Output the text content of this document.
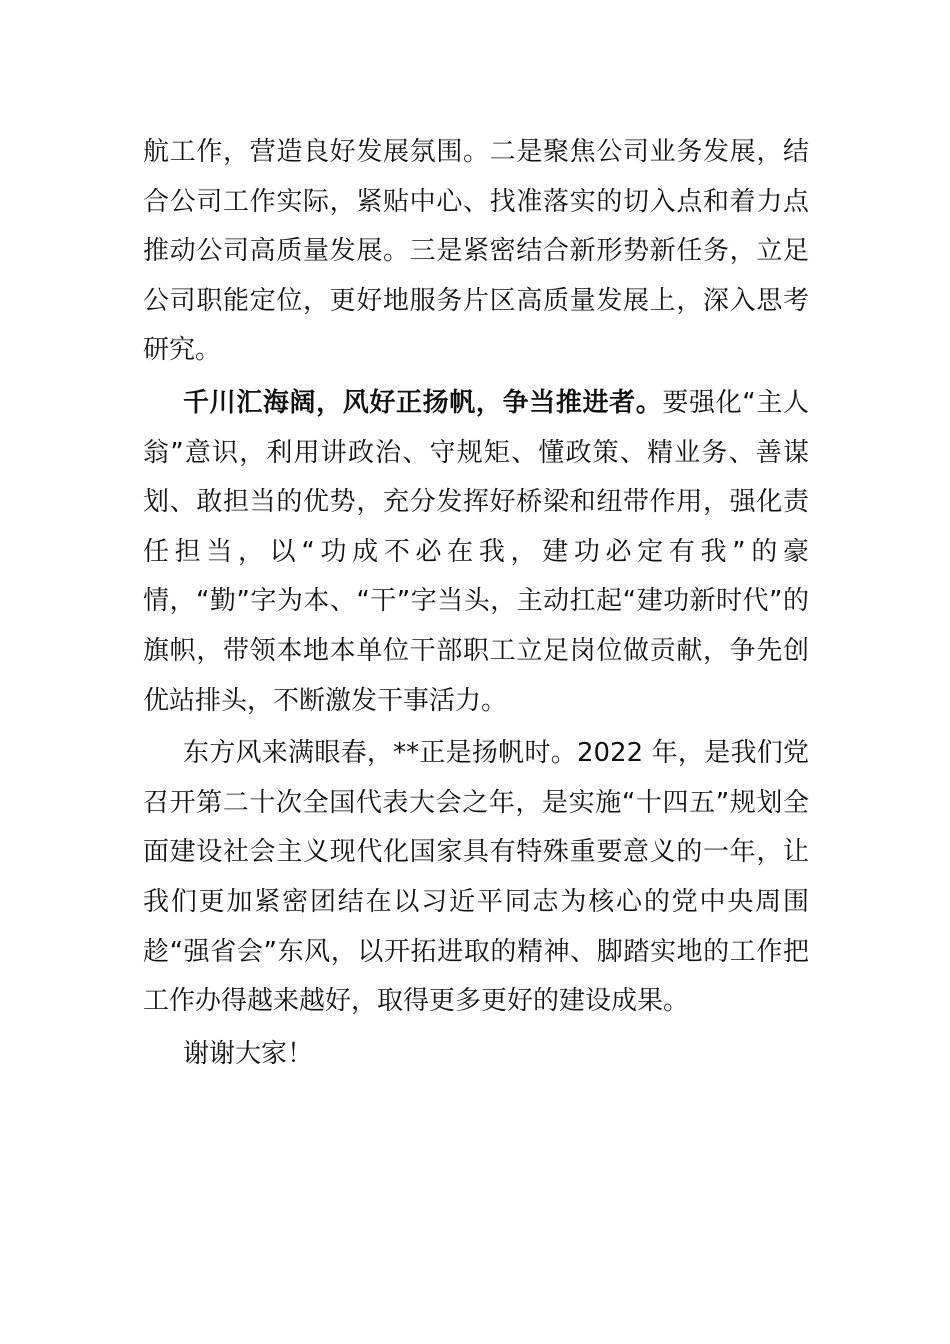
航工作，营造良好发展氛围。二是聚焦公司业务发展，结合公司工作实际，紧贴中心、找准落实的切入点和着力点推动公司高质量发展。三是紧密结合新形势新任务，立足公司职能定位，更好地服务片区高质量发展上，深入思考研究。

千川汇海阔，风好正扬帆，争当推进者。要强化“主人翁”意识，利用讲政治、守规矩、懂政策、精业务、善谋划、敢担当的优势，充分发挥好桥梁和纽带作用，强化责任担当，以“功成不必在我，建功必定有我”的豪情，“勤”字为本、“干”字当头，主动扛起“建功新时代”的旗帜，带领本地本单位干部职工立足岗位做贡献，争先创优站排头，不断激发干事活力。

东方风来满眼春，**正是扬帆时。2022 年，是我们党召开第二十次全国代表大会之年，是实施“十四五”规划全面建设社会主义现代化国家具有特殊重要意义的一年，让我们更加紧密团结在以习近平同志为核心的党中央周围趁“强省会”东风，以开拓进取的精神、脚踏实地的工作把工作办得越来越好，取得更多更好的建设成果。

谢谢大家！
